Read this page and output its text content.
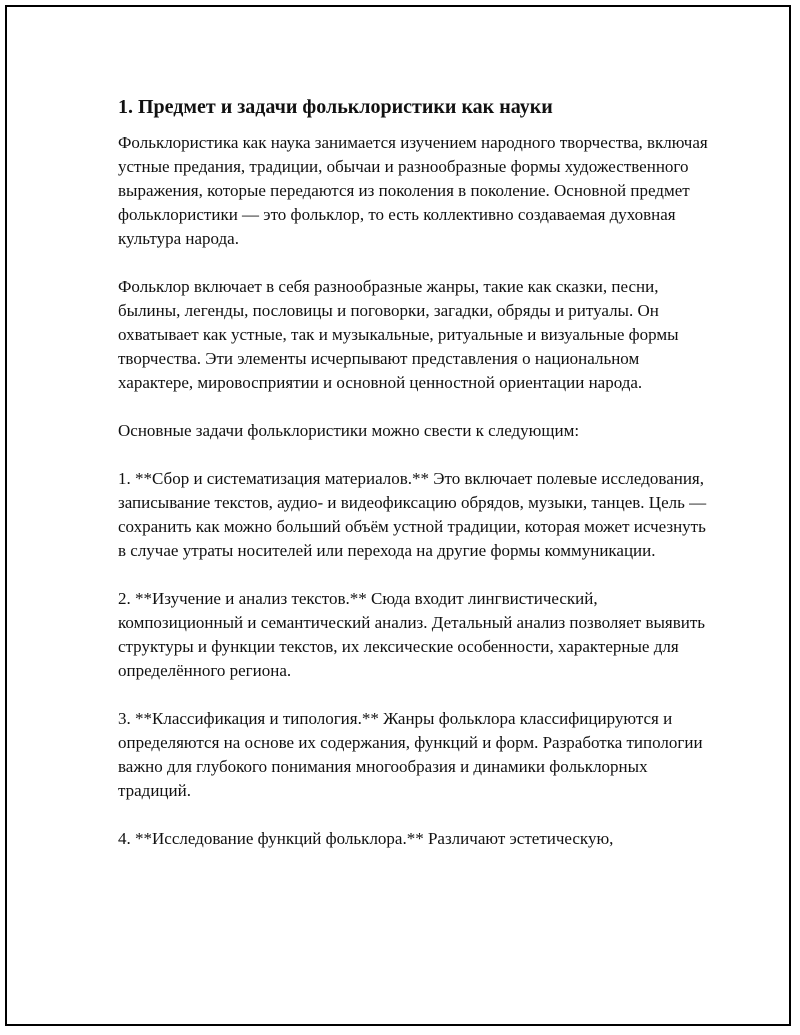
1. Предмет и задачи фольклористики как науки

Фольклористика как наука занимается изучением народного творчества, включая устные предания, традиции, обычаи и разнообразные формы художественного выражения, которые передаются из поколения в поколение. Основной предмет фольклористики — это фольклор, то есть коллективно создаваемая духовная культура народа.

Фольклор включает в себя разнообразные жанры, такие как сказки, песни, былины, легенды, пословицы и поговорки, загадки, обряды и ритуалы. Он охватывает как устные, так и музыкальные, ритуальные и визуальные формы творчества. Эти элементы исчерпывают представления о национальном характере, мировосприятии и основной ценностной ориентации народа.

Основные задачи фольклористики можно свести к следующим:

1. **Сбор и систематизация материалов.** Это включает полевые исследования, записывание текстов, аудио- и видеофиксацию обрядов, музыки, танцев. Цель — сохранить как можно больший объём устной традиции, которая может исчезнуть в случае утраты носителей или перехода на другие формы коммуникации.

2. **Изучение и анализ текстов.** Сюда входит лингвистический, композиционный и семантический анализ. Детальный анализ позволяет выявить структуры и функции текстов, их лексические особенности, характерные для определённого региона.

3. **Классификация и типология.** Жанры фольклора классифицируются и определяются на основе их содержания, функций и форм. Разработка типологии важно для глубокого понимания многообразия и динамики фольклорных традиций.

4. **Исследование функций фольклора.** Различают эстетическую,
